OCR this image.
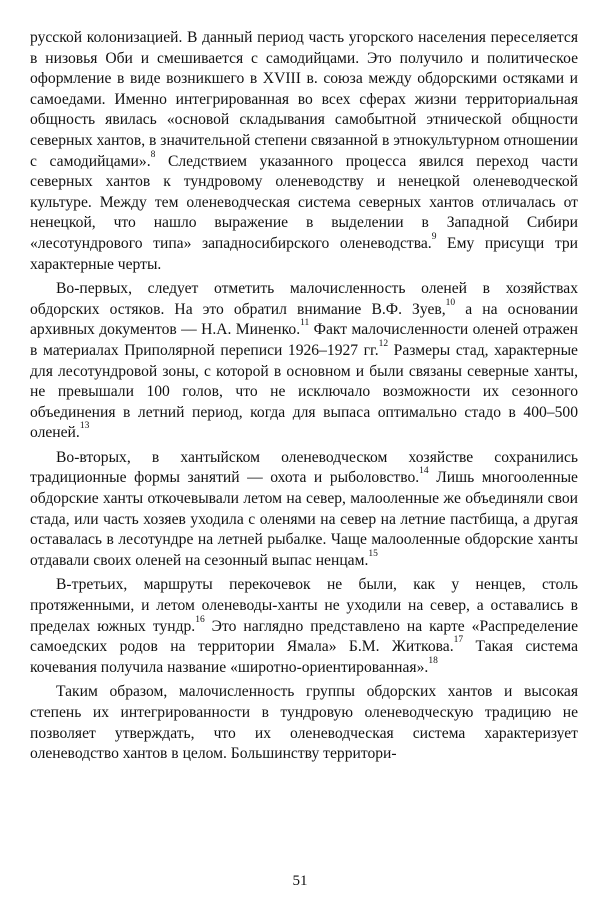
русской колонизацией. В данный период часть угорского населения переселяется в низовья Оби и смешивается с самодийцами. Это получило и политическое оформление в виде возникшего в XVIII в. союза между обдорскими остяками и самоедами. Именно интегрированная во всех сферах жизни территориальная общность явилась «основой складывания самобытной этнической общности северных хантов, в значительной степени связанной в этнокультурном отношении с самодийцами».$^8$ Следствием указанного процесса явился переход части северных хантов к тундровому оленеводству и ненецкой оленеводческой культуре. Между тем оленеводческая система северных хантов отличалась от ненецкой, что нашло выражение в выделении в Западной Сибири «лесотундрового типа» западносибирского оленеводства.$^9$ Ему присущи три характерные черты.

Во-первых, следует отметить малочисленность оленей в хозяйствах обдорских остяков. На это обратил внимание В.Ф. Зуев,$^{10}$ а на основании архивных документов — Н.А. Миненко.$^{11}$ Факт малочисленности оленей отражен в материалах Приполярной переписи 1926–1927 гг.$^{12}$ Размеры стад, характерные для лесотундровой зоны, с которой в основном и были связаны северные ханты, не превышали 100 голов, что не исключало возможности их сезонного объединения в летний период, когда для выпаса оптимально стадо в 400–500 оленей.$^{13}$

Во-вторых, в хантыйском оленеводческом хозяйстве сохранились традиционные формы занятий — охота и рыболовство.$^{14}$ Лишь многооленные обдорские ханты откочевывали летом на север, малооленные же объединяли свои стада, или часть хозяев уходила с оленями на север на летние пастбища, а другая оставалась в лесотундре на летней рыбалке. Чаще малооленные обдорские ханты отдавали своих оленей на сезонный выпас ненцам.$^{15}$

В-третьих, маршруты перекочевок не были, как у ненцев, столь протяженными, и летом оленеводы-ханты не уходили на север, а оставались в пределах южных тундр.$^{16}$ Это наглядно представлено на карте «Распределение самоедских родов на территории Ямала» Б.М. Житкова.$^{17}$ Такая система кочевания получила название «широтно-ориентированная».$^{18}$

Таким образом, малочисленность группы обдорских хантов и высокая степень их интегрированности в тундровую оленеводческую традицию не позволяет утверждать, что их оленеводческая система характеризует оленеводство хантов в целом. Большинству территори-

51
